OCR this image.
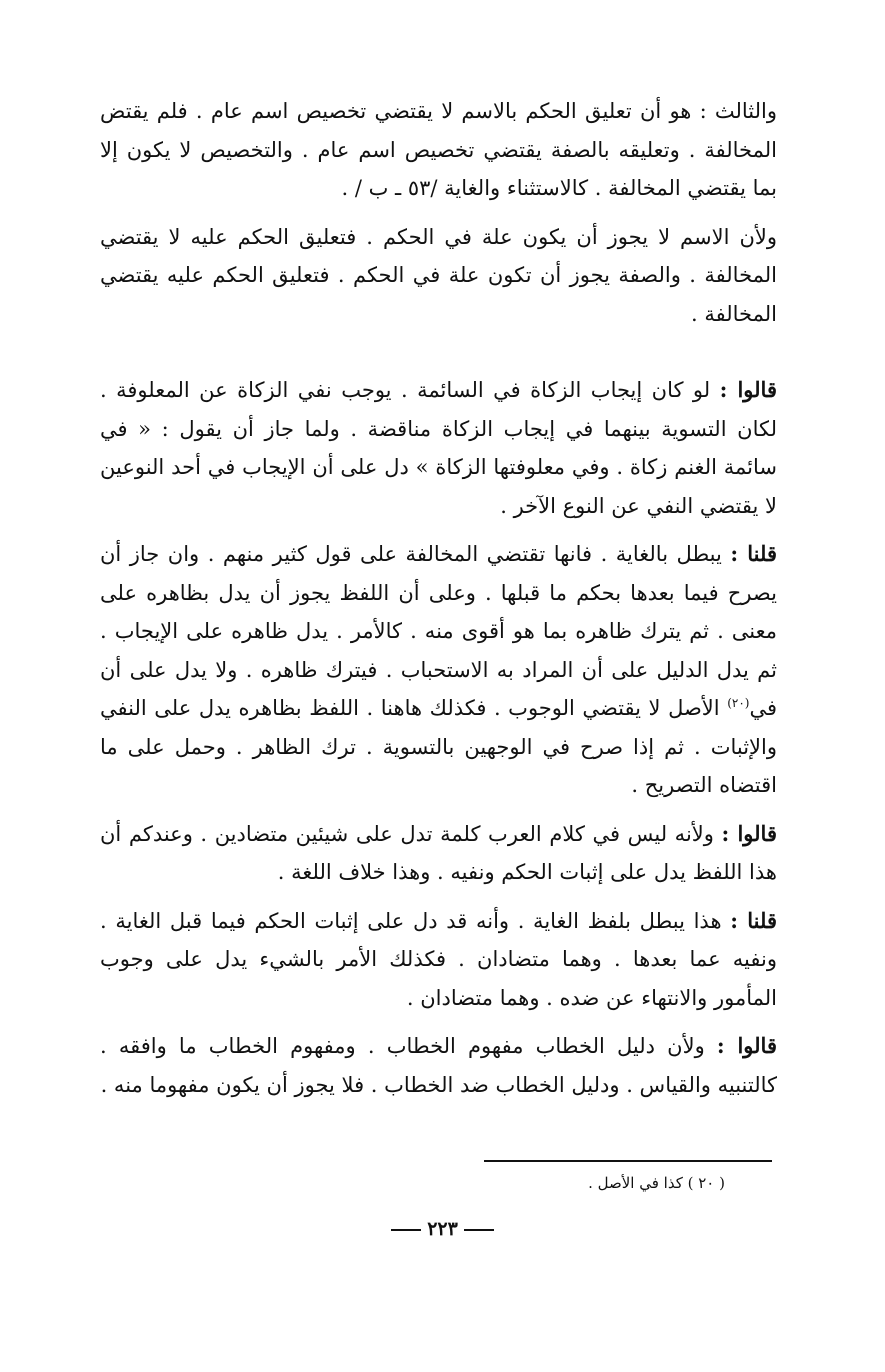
والثالث : هو أن تعليق الحكم بالاسم لا يقتضي تخصيص اسم عام . فلم يقتض المخالفة . وتعليقه بالصفة يقتضي تخصيص اسم عام . والتخصيص لا يكون إلا بما يقتضي المخالفة . كالاستثناء والغاية /٥٣ ـ ب / .

ولأن الاسم لا يجوز أن يكون علة في الحكم . فتعليق الحكم عليه لا يقتضي المخالفة . والصفة يجوز أن تكون علة في الحكم . فتعليق الحكم عليه يقتضي المخالفة .

قالوا : لو كان إيجاب الزكاة في السائمة . يوجب نفي الزكاة عن المعلوفة . لكان التسوية بينهما في إيجاب الزكاة مناقضة . ولما جاز أن يقول : « في سائمة الغنم زكاة . وفي معلوفتها الزكاة » دل على أن الإيجاب في أحد النوعين لا يقتضي النفي عن النوع الآخر .

قلنا : يبطل بالغاية . فانها تقتضي المخالفة على قول كثير منهم . وان جاز أن يصرح فيما بعدها بحكم ما قبلها . وعلى أن اللفظ يجوز أن يدل بظاهره على معنى . ثم يترك ظاهره بما هو أقوى منه . كالأمر . يدل ظاهره على الإيجاب . ثم يدل الدليل على أن المراد به الاستحباب . فيترك ظاهره . ولا يدل على أن في$^{(٢٠)}$ الأصل لا يقتضي الوجوب . فكذلك هاهنا . اللفظ بظاهره يدل على النفي والإثبات . ثم إذا صرح في الوجهين بالتسوية . ترك الظاهر . وحمل على ما اقتضاه التصريح .

قالوا : ولأنه ليس في كلام العرب كلمة تدل على شيئين متضادين . وعندكم أن هذا اللفظ يدل على إثبات الحكم ونفيه . وهذا خلاف اللغة .

قلنا : هذا يبطل بلفظ الغاية . وأنه قد دل على إثبات الحكم فيما قبل الغاية . ونفيه عما بعدها . وهما متضادان . فكذلك الأمر بالشيء يدل على وجوب المأمور والانتهاء عن ضده . وهما متضادان .

قالوا : ولأن دليل الخطاب مفهوم الخطاب . ومفهوم الخطاب ما وافقه . كالتنبيه والقياس . ودليل الخطاب ضد الخطاب . فلا يجوز أن يكون مفهوما منه .

( ٢٠ ) كذا في الأصل .
٢٢٣
